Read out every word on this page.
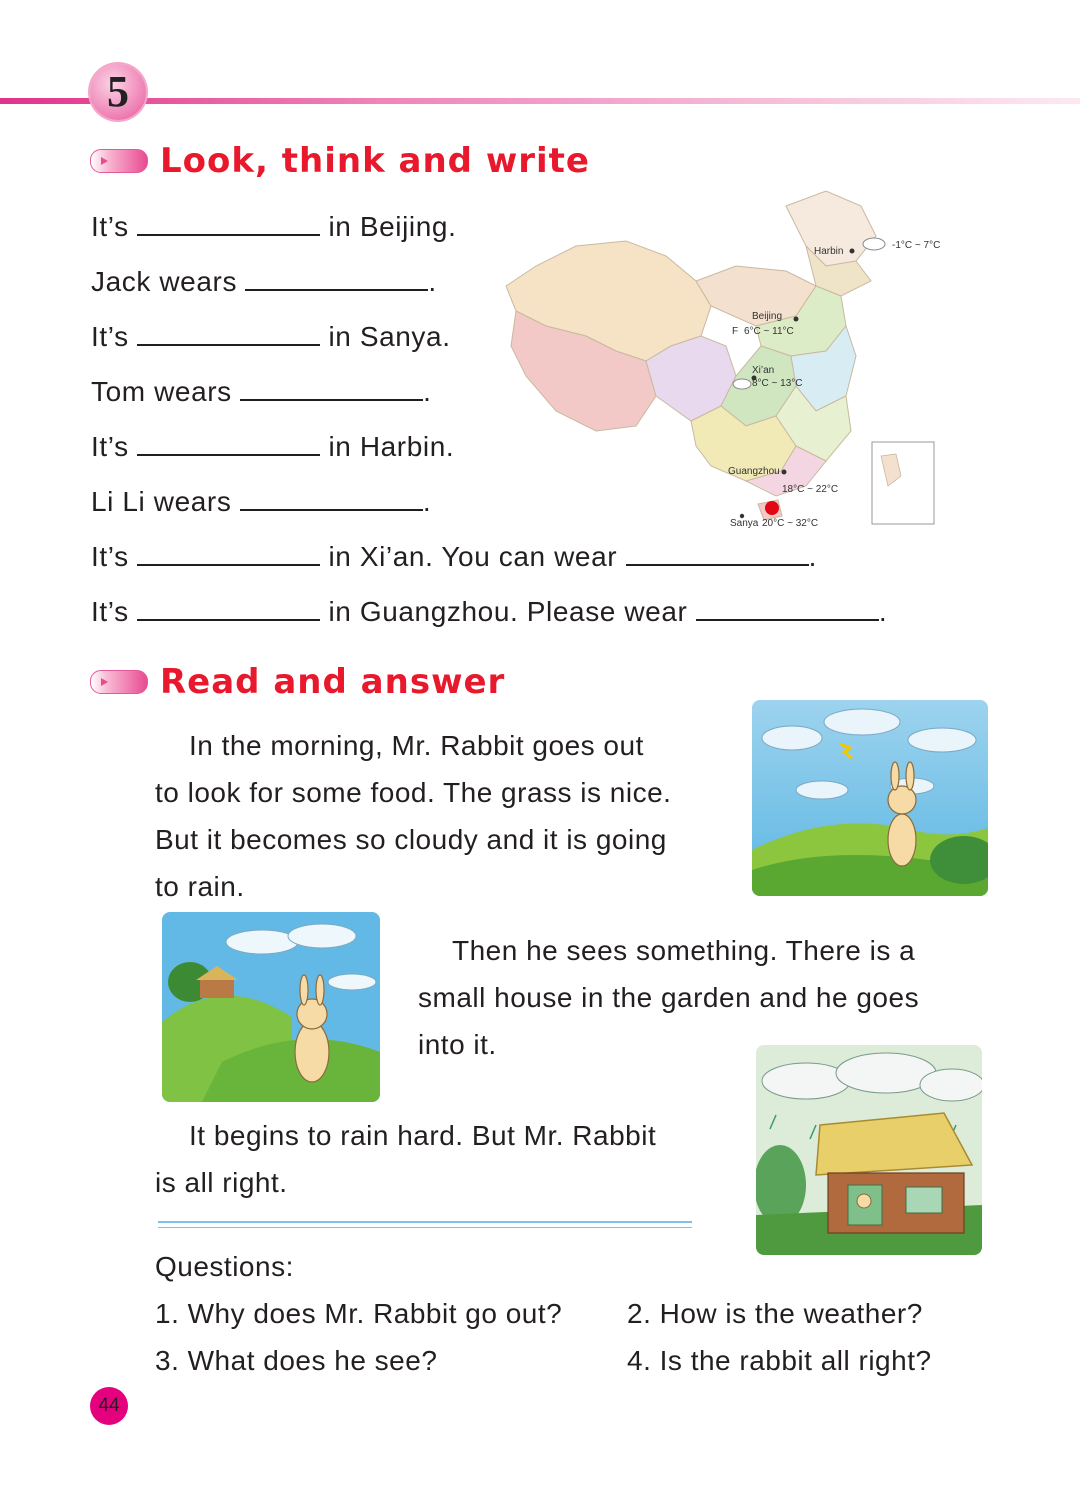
5
Look, think and write
It’s	in Beijing.
Jack wears	.
It’s	in Sanya.
Tom wears	.
It’s	in Harbin.
Li Li wears	.
It’s	in Xi’an. You can wear	.
It’s	in Guangzhou. Please wear	.
Harbin
-1°C ~ 7°C
Beijing
F 6°C ~ 11°C
Xi’an
8°C ~ 13°C
Guangzhou
18°C ~ 22°C
Sanya 20°C ~ 32°C
Read and answer

In the morning, Mr. Rabbit goes out

to look for some food. The grass is nice.

But it becomes so cloudy and it is going

to rain.

Then he sees something. There is a

small house in the garden and he goes

into it.

It begins to rain hard. But Mr. Rabbit

is all right.

Questions:
1. Why does Mr. Rabbit go out? 2. How is the weather?
3. What does he see?	4. Is the rabbit all right?
44
